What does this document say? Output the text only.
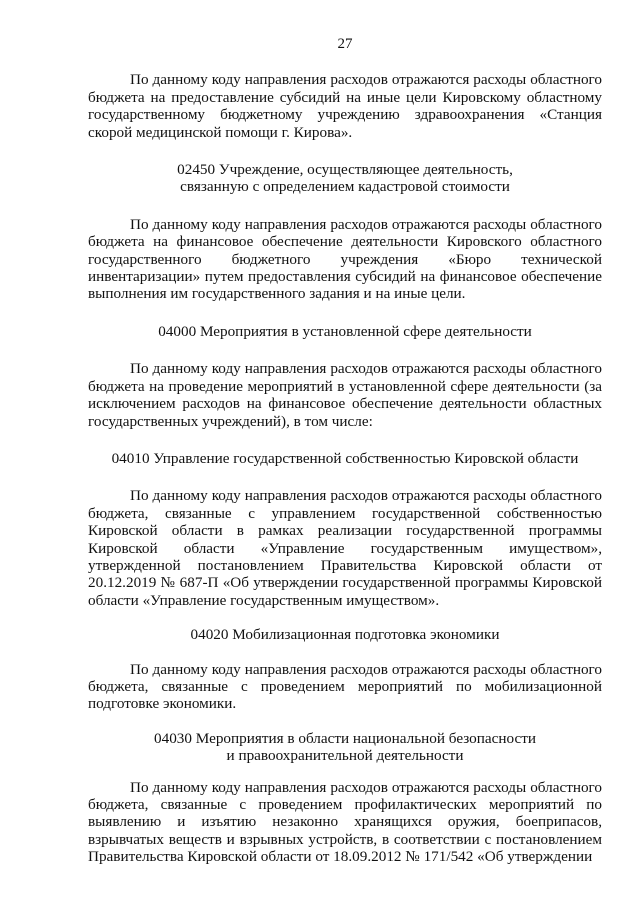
27

По данному коду направления расходов отражаются расходы областного бюджета на предоставление субсидий на иные цели Кировскому областному государственному бюджетному учреждению здравоохранения «Станция скорой медицинской помощи г. Кирова».

02450 Учреждение, осуществляющее деятельность,
связанную с определением кадастровой стоимости

По данному коду направления расходов отражаются расходы областного бюджета на финансовое обеспечение деятельности Кировского областного государственного бюджетного учреждения «Бюро технической инвентаризации» путем предоставления субсидий на финансовое обеспечение выполнения им государственного задания и на иные цели.

04000 Мероприятия в установленной сфере деятельности

По данному коду направления расходов отражаются расходы областного бюджета на проведение мероприятий в установленной сфере деятельности (за исключением расходов на финансовое обеспечение деятельности областных государственных учреждений), в том числе:

04010 Управление государственной собственностью Кировской области

По данному коду направления расходов отражаются расходы областного бюджета, связанные с управлением государственной собственностью Кировской области в рамках реализации государственной программы Кировской области «Управление государственным имуществом», утвержденной постановлением Правительства Кировской области от 20.12.2019 № 687-П «Об утверждении государственной программы Кировской области «Управление государственным имуществом».

04020 Мобилизационная подготовка экономики

По данному коду направления расходов отражаются расходы областного бюджета, связанные с проведением мероприятий по мобилизационной подготовке экономики.

04030 Мероприятия в области национальной безопасности
и правоохранительной деятельности

По данному коду направления расходов отражаются расходы областного бюджета, связанные с проведением профилактических мероприятий по выявлению и изъятию незаконно хранящихся оружия, боеприпасов, взрывчатых веществ и взрывных устройств, в соответствии с постановлением Правительства Кировской области от 18.09.2012 № 171/542 «Об утверждении
